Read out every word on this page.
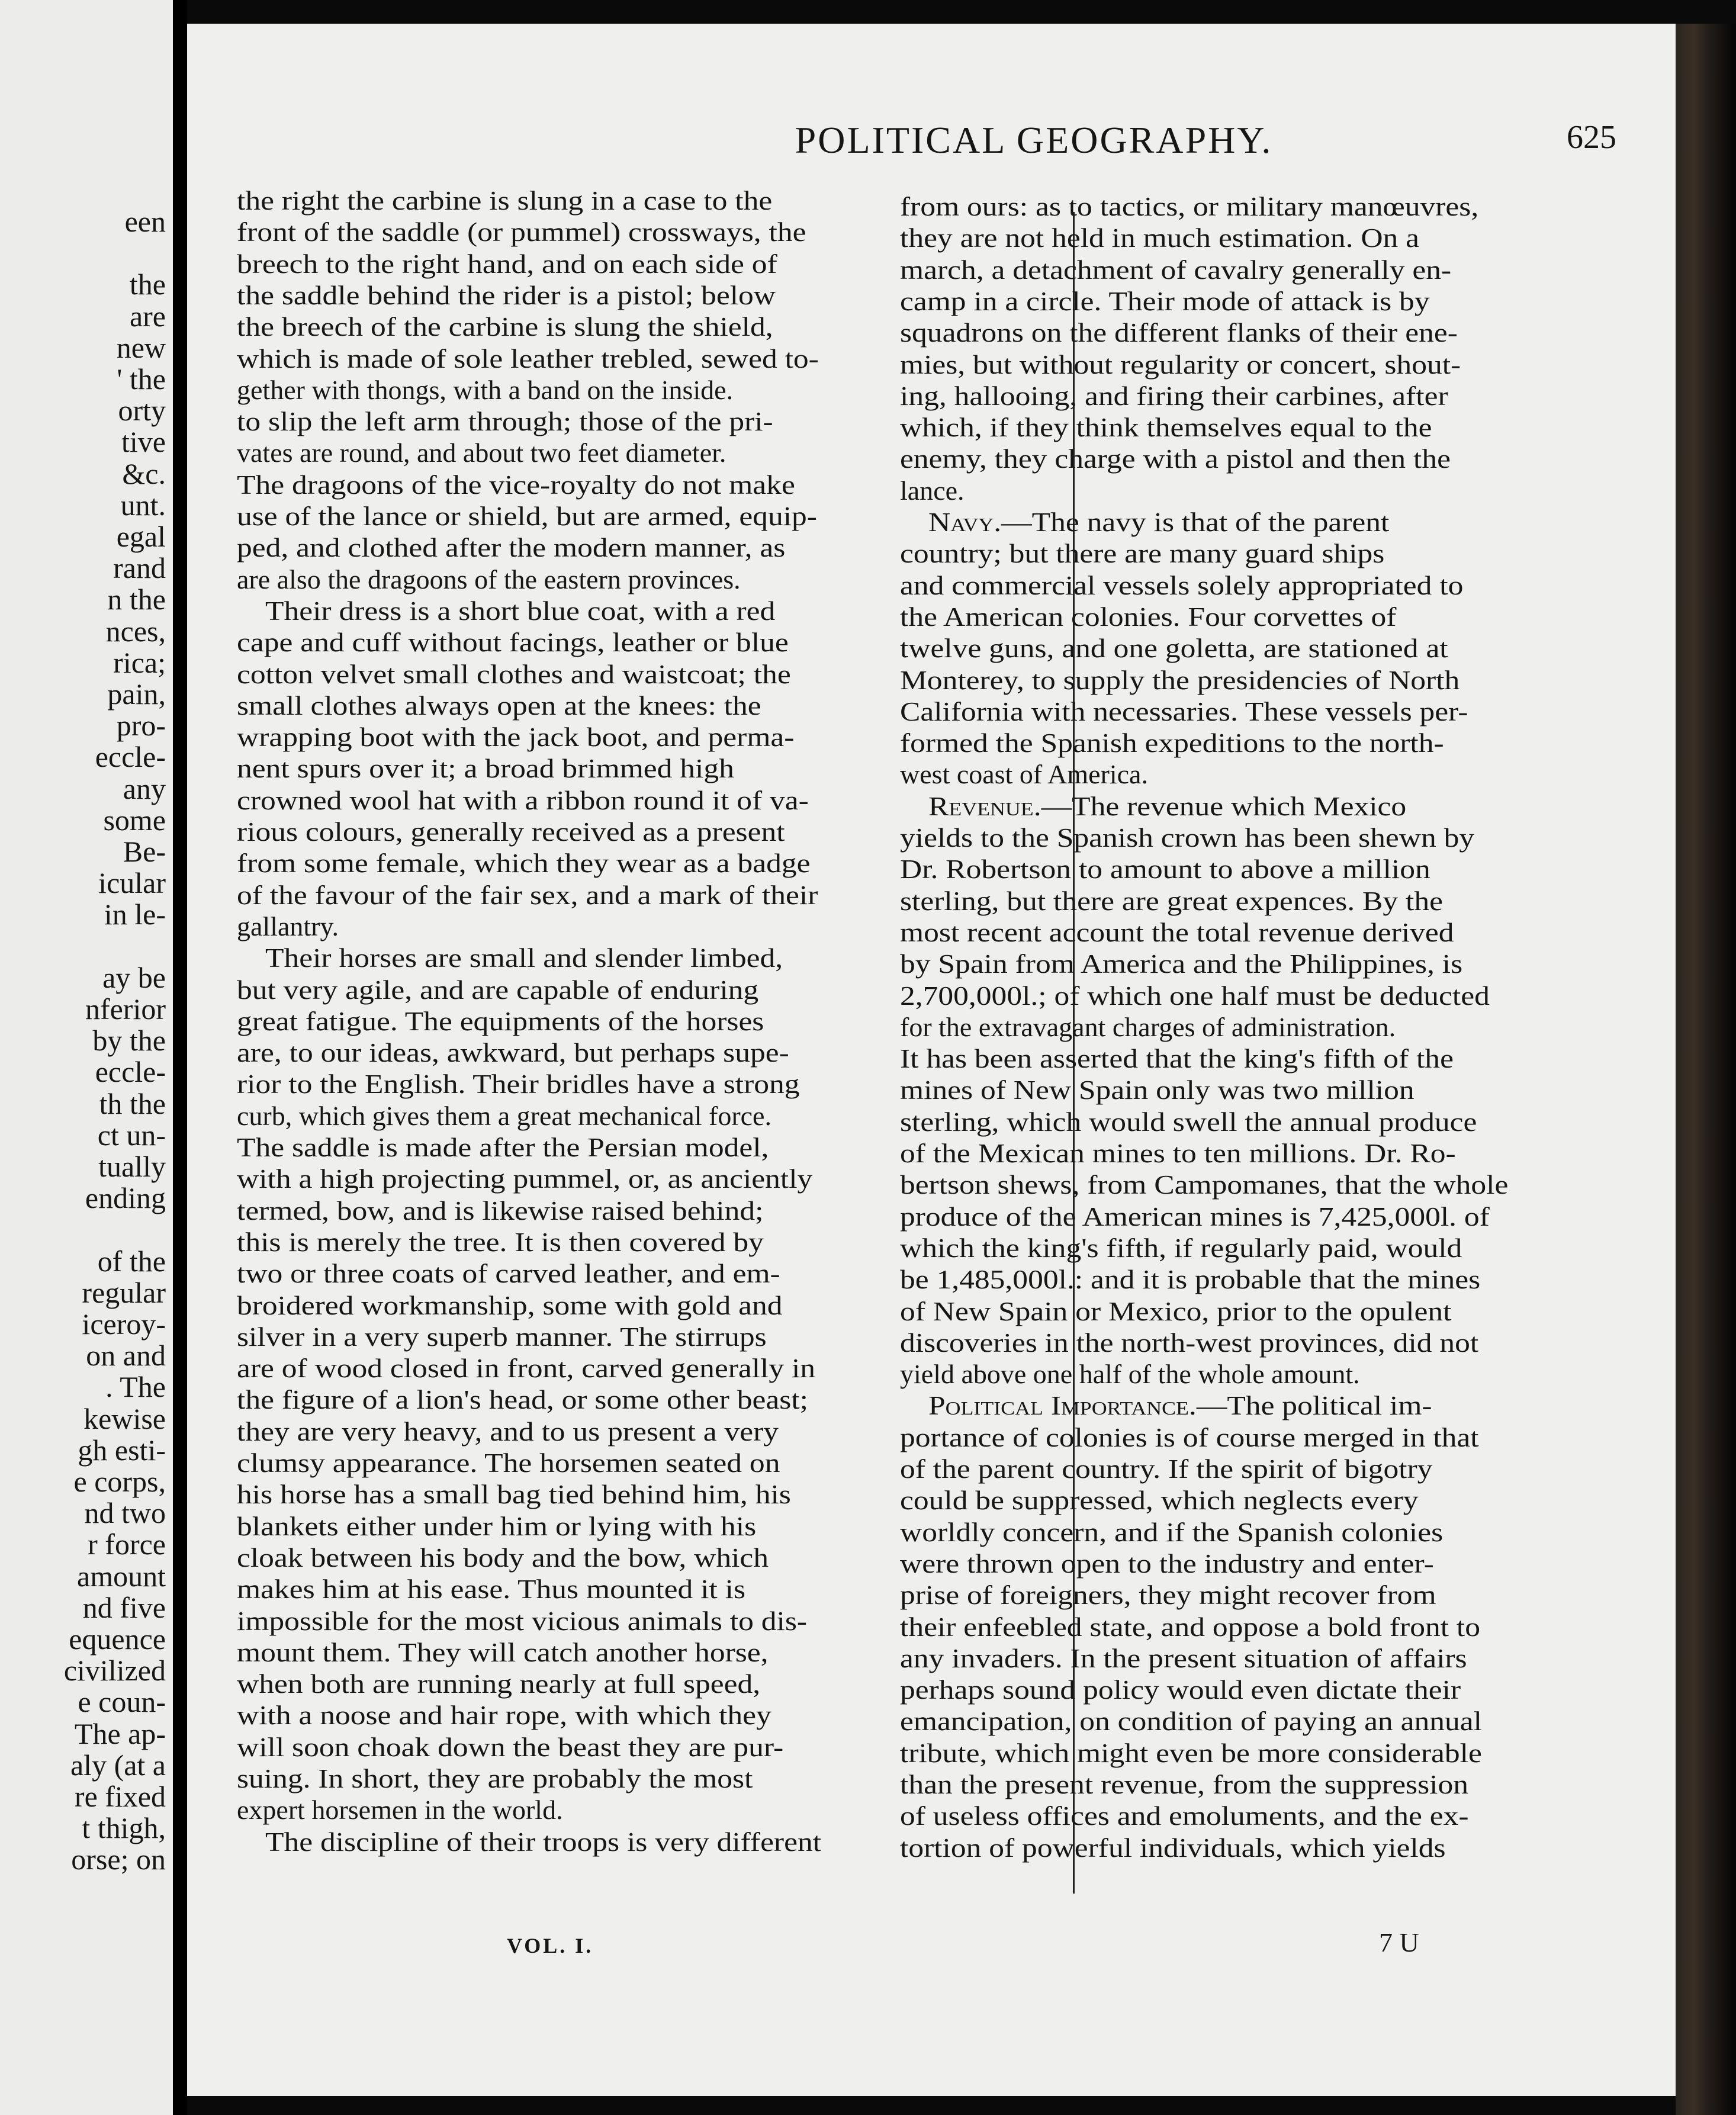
een
the
are
new
' the
orty
tive
&c.
unt.
egal
rand
n the
nces,
rica;
pain,
pro-
eccle-
any
some
Be-
icular
in le-
ay be
nferior
by the
eccle-
th the
ct un-
tually
ending
of the
regular
iceroy-
on and
. The
kewise
gh esti-
e corps,
nd two
r force
amount
nd five
equence
civilized
e coun-
The ap-
aly (at a
re fixed
t thigh,
orse; on
POLITICAL GEOGRAPHY.	625
the right the carbine is slung in a case to the
front of the saddle (or pummel) crossways, the
breech to the right hand, and on each side of
the saddle behind the rider is a pistol; below
the breech of the carbine is slung the shield,
which is made of sole leather trebled, sewed to-
gether with thongs, with a band on the inside.
to slip the left arm through; those of the pri-
vates are round, and about two feet diameter.
The dragoons of the vice-royalty do not make
use of the lance or shield, but are armed, equip-
ped, and clothed after the modern manner, as
are also the dragoons of the eastern provinces.
Their dress is a short blue coat, with a red
cape and cuff without facings, leather or blue
cotton velvet small clothes and waistcoat; the
small clothes always open at the knees: the
wrapping boot with the jack boot, and perma-
nent spurs over it; a broad brimmed high
crowned wool hat with a ribbon round it of va-
rious colours, generally received as a present
from some female, which they wear as a badge
of the favour of the fair sex, and a mark of their
gallantry.
Their horses are small and slender limbed,
but very agile, and are capable of enduring
great fatigue. The equipments of the horses
are, to our ideas, awkward, but perhaps supe-
rior to the English. Their bridles have a strong
curb, which gives them a great mechanical force.
The saddle is made after the Persian model,
with a high projecting pummel, or, as anciently
termed, bow, and is likewise raised behind;
this is merely the tree. It is then covered by
two or three coats of carved leather, and em-
broidered workmanship, some with gold and
silver in a very superb manner. The stirrups
are of wood closed in front, carved generally in
the figure of a lion's head, or some other beast;
they are very heavy, and to us present a very
clumsy appearance. The horsemen seated on
his horse has a small bag tied behind him, his
blankets either under him or lying with his
cloak between his body and the bow, which
makes him at his ease. Thus mounted it is
impossible for the most vicious animals to dis-
mount them. They will catch another horse,
when both are running nearly at full speed,
with a noose and hair rope, with which they
will soon choak down the beast they are pur-
suing. In short, they are probably the most
expert horsemen in the world.
The discipline of their troops is very different
from ours: as to tactics, or military manœuvres,
they are not held in much estimation. On a
march, a detachment of cavalry generally en-
camp in a circle. Their mode of attack is by
squadrons on the different flanks of their ene-
mies, but without regularity or concert, shout-
ing, hallooing, and firing their carbines, after
which, if they think themselves equal to the
enemy, they charge with a pistol and then the
lance.
Navy.—The navy is that of the parent
country; but there are many guard ships
and commercial vessels solely appropriated to
the American colonies. Four corvettes of
twelve guns, and one goletta, are stationed at
Monterey, to supply the presidencies of North
California with necessaries. These vessels per-
formed the Spanish expeditions to the north-
west coast of America.
Revenue.—The revenue which Mexico
yields to the Spanish crown has been shewn by
Dr. Robertson to amount to above a million
sterling, but there are great expences. By the
most recent account the total revenue derived
by Spain from America and the Philippines, is
2,700,000l.; of which one half must be deducted
for the extravagant charges of administration.
It has been asserted that the king's fifth of the
mines of New Spain only was two million
sterling, which would swell the annual produce
of the Mexican mines to ten millions. Dr. Ro-
bertson shews, from Campomanes, that the whole
produce of the American mines is 7,425,000l. of
which the king's fifth, if regularly paid, would
be 1,485,000l.: and it is probable that the mines
of New Spain or Mexico, prior to the opulent
discoveries in the north-west provinces, did not
yield above one half of the whole amount.
Political Importance.—The political im-
portance of colonies is of course merged in that
of the parent country. If the spirit of bigotry
could be suppressed, which neglects every
worldly concern, and if the Spanish colonies
were thrown open to the industry and enter-
prise of foreigners, they might recover from
their enfeebled state, and oppose a bold front to
any invaders. In the present situation of affairs
perhaps sound policy would even dictate their
emancipation, on condition of paying an annual
tribute, which might even be more considerable
than the present revenue, from the suppression
of useless offices and emoluments, and the ex-
tortion of powerful individuals, which yields
VOL. I.	7 U
